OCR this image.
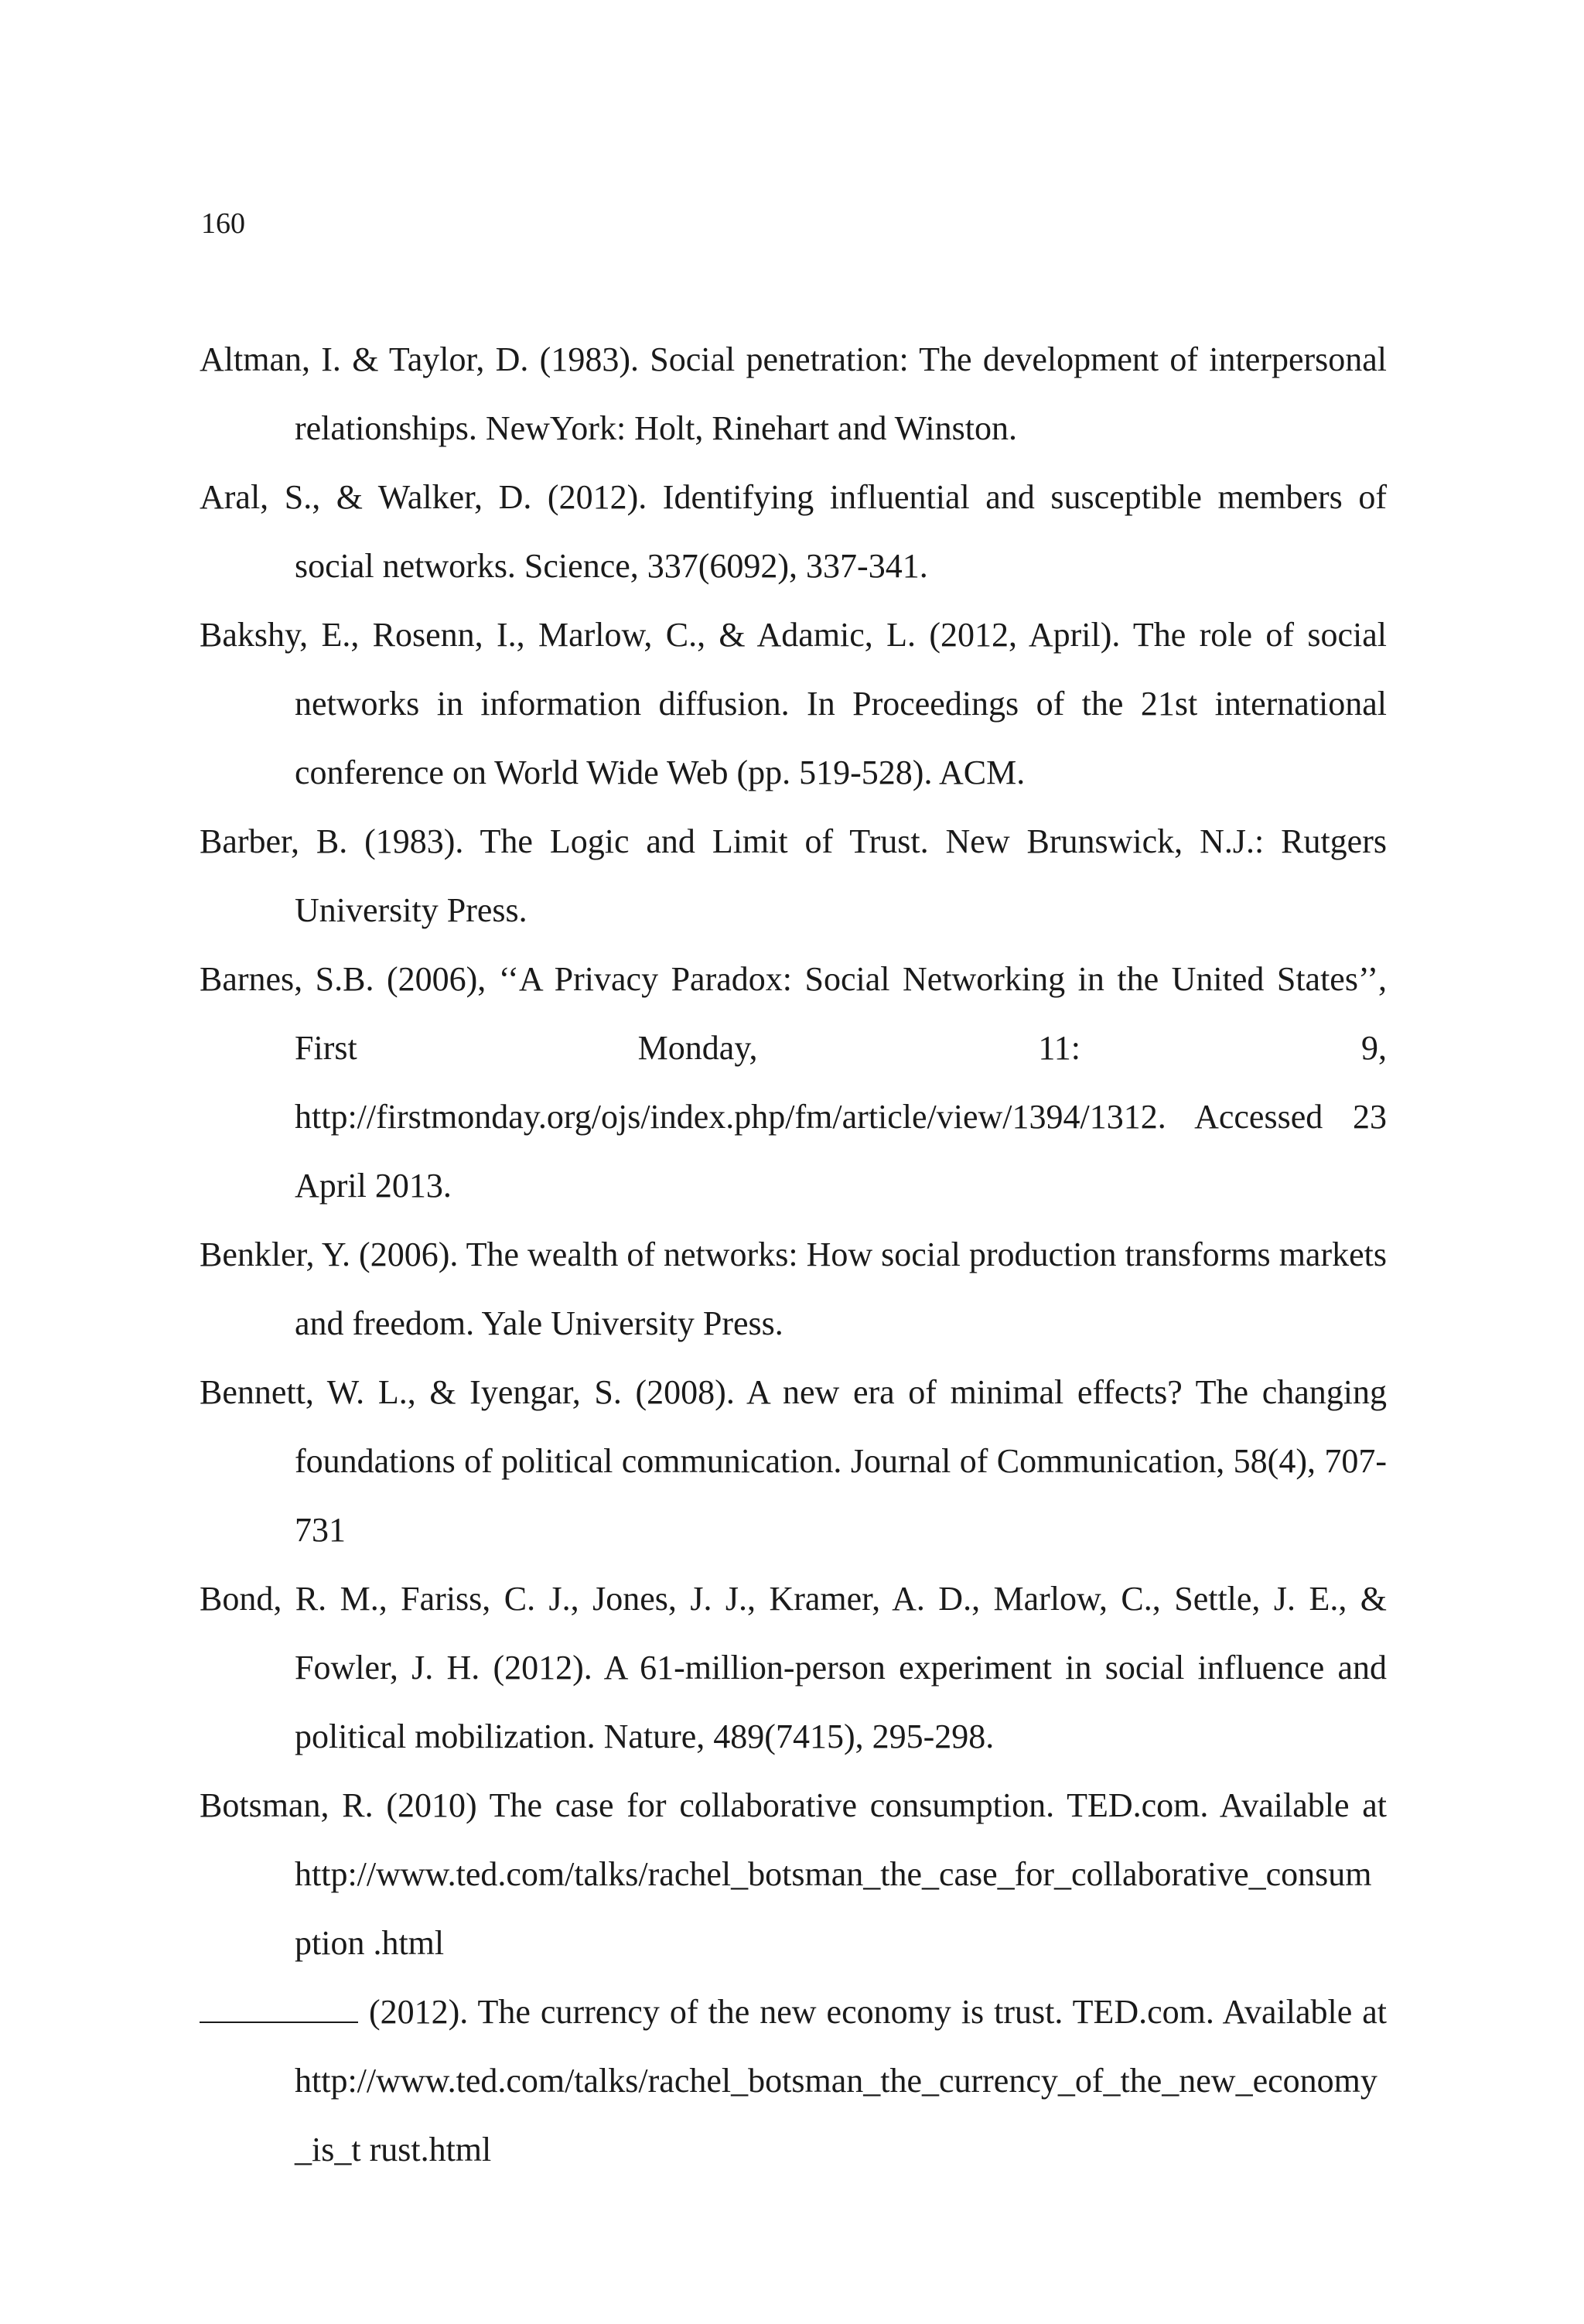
160

Altman, I. & Taylor, D. (1983). Social penetration: The development of interpersonal relationships. NewYork: Holt, Rinehart and Winston.

Aral, S., & Walker, D. (2012). Identifying influential and susceptible members of social networks. Science, 337(6092), 337-341.

Bakshy, E., Rosenn, I., Marlow, C., & Adamic, L. (2012, April). The role of social networks in information diffusion. In Proceedings of the 21st international conference on World Wide Web (pp. 519-528). ACM.

Barber, B. (1983). The Logic and Limit of Trust. New Brunswick, N.J.: Rutgers University Press.

Barnes, S.B. (2006), ‘‘A Privacy Paradox: Social Networking in the United States’’, First Monday, 11: 9, http://firstmonday.org/ojs/index.php/fm/article/view/1394/1312. Accessed 23 April 2013.

Benkler, Y. (2006). The wealth of networks: How social production transforms markets and freedom. Yale University Press.

Bennett, W. L., & Iyengar, S. (2008). A new era of minimal effects? The changing foundations of political communication. Journal of Communication, 58(4), 707-731

Bond, R. M., Fariss, C. J., Jones, J. J., Kramer, A. D., Marlow, C., Settle, J. E., & Fowler, J. H. (2012). A 61-million-person experiment in social influence and political mobilization. Nature, 489(7415), 295-298.

Botsman, R. (2010) The case for collaborative consumption. TED.com. Available at http://www.ted.com/talks/rachel_botsman_the_case_for_collaborative_consumption .html

(2012). The currency of the new economy is trust. TED.com. Available at http://www.ted.com/talks/rachel_botsman_the_currency_of_the_new_economy_is_t rust.html
